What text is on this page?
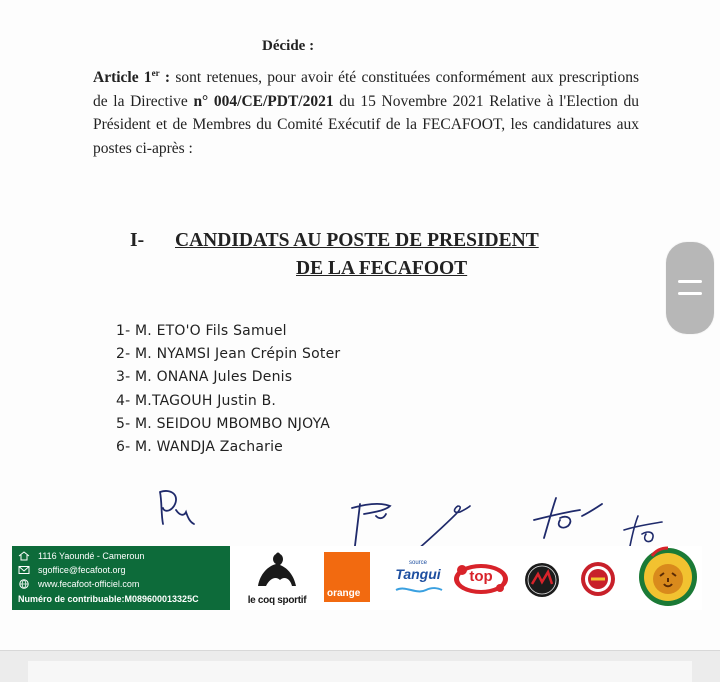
Décide :
Article 1er : sont retenues, pour avoir été constituées conformément aux prescriptions de la Directive n° 004/CE/PDT/2021 du 15 Novembre 2021 Relative à l'Election du Président et de Membres du Comité Exécutif de la FECAFOOT, les candidatures aux postes ci-après :
I- CANDIDATS AU POSTE DE PRESIDENT
DE LA FECAFOOT
1- M. ETO'O Fils Samuel
2- M. NYAMSI Jean Crépin Soter
3- M. ONANA Jules Denis
4- M.TAGOUH Justin B.
5- M. SEIDOU MBOMBO NJOYA
6- M. WANDJA Zacharie
1116 Yaoundé - Cameroun
sgoffice@fecafoot.org
www.fecafoot-officiel.com
Numéro de contribuable:M089600013325C	le coq sportif
orange
source
Tangui	top
